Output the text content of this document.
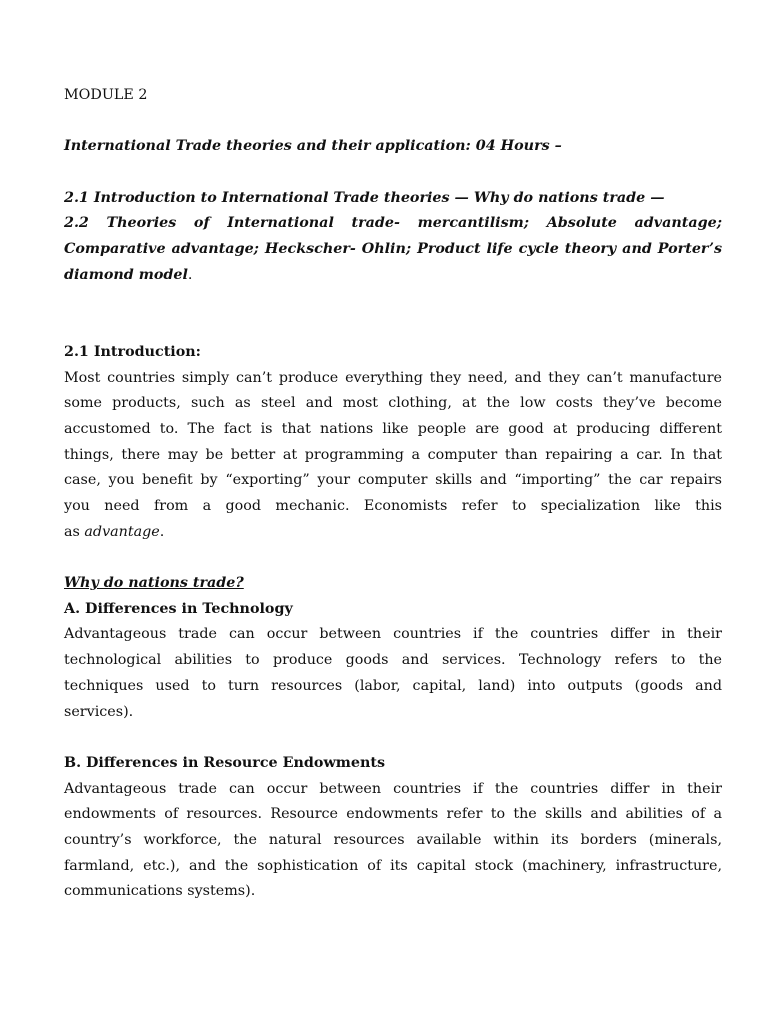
MODULE 2
International Trade theories and their application: 04 Hours –
2.1 Introduction to International Trade theories — Why do nations trade —
2.2 Theories of International trade- mercantilism; Absolute advantage;
Comparative advantage; Heckscher- Ohlin; Product life cycle theory and Porter’s
diamond model.
2.1 Introduction:
Most countries simply can’t produce everything they need, and they can’t manufacture
some products, such as steel and most clothing, at the low costs they’ve become
accustomed to. The fact is that nations like people are good at producing different
things, there may be better at programming a computer than repairing a car. In that
case, you benefit by “exporting” your computer skills and “importing” the car repairs
you need from a good mechanic. Economists refer to specialization like this
as advantage.
Why do nations trade?
A. Differences in Technology
Advantageous trade can occur between countries if the countries differ in their
technological abilities to produce goods and services. Technology refers to the
techniques used to turn resources (labor, capital, land) into outputs (goods and
services).
B. Differences in Resource Endowments
Advantageous trade can occur between countries if the countries differ in their
endowments of resources. Resource endowments refer to the skills and abilities of a
country’s workforce, the natural resources available within its borders (minerals,
farmland, etc.), and the sophistication of its capital stock (machinery, infrastructure,
communications systems).
